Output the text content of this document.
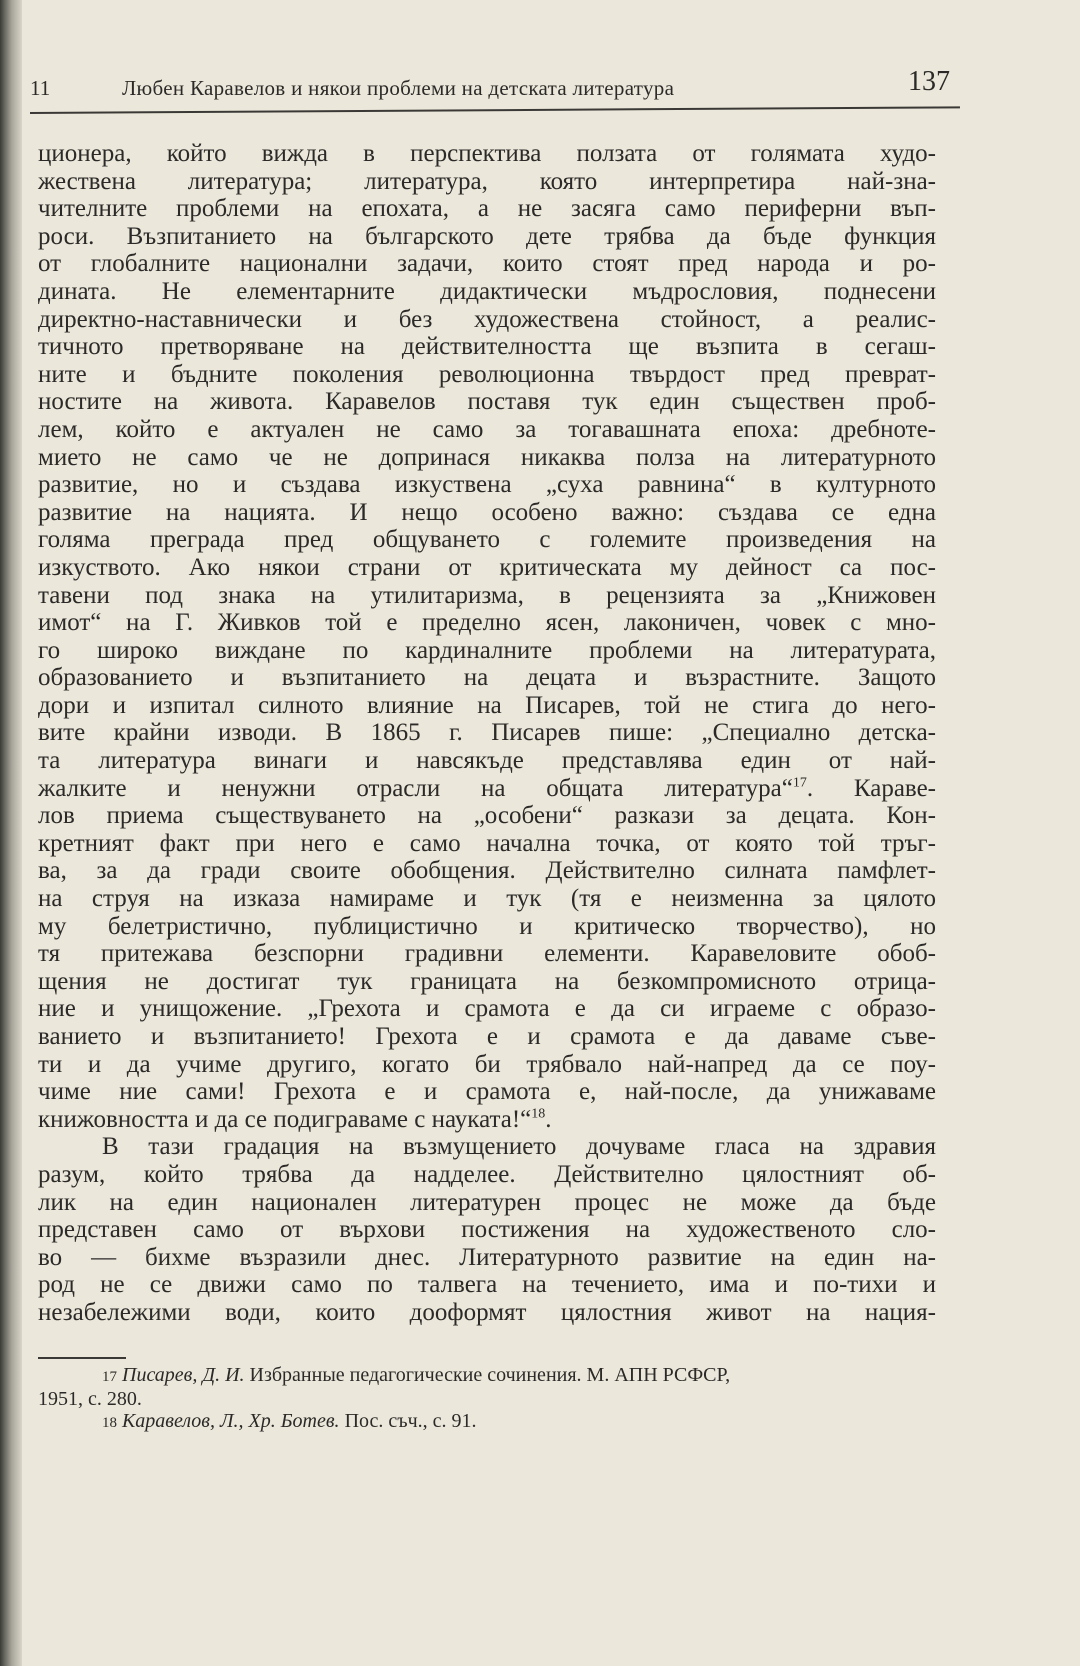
11	Любен Каравелов и някои проблеми на детската литература	137
ционера, който вижда в перспектива ползата от голямата худо-
жествена литература; литература, която интерпретира най-зна-
чителните проблеми на епохата, а не засяга само периферни въп-
роси. Възпитанието на българското дете трябва да бъде функция
от глобалните национални задачи, които стоят пред народа и ро-
дината. Не елементарните дидактически мъдрословия, поднесени
директно-наставнически и без художествена стойност, а реалис-
тичното претворяване на действителността ще възпита в сегаш-
ните и бъдните поколения революционна твърдост пред преврат-
ностите на живота. Каравелов поставя тук един съществен проб-
лем, който е актуален не само за тогавашната епоха: дребноте-
мието не само че не допринася никаква полза на литературното
развитие, но и създава изкуствена „суха равнина“ в културното
развитие на нацията. И нещо особено важно: създава се една
голяма преграда пред общуването с големите произведения на
изкуството. Ако някои страни от критическата му дейност са пос-
тавени под знака на утилитаризма, в рецензията за „Книжовен
имот“ на Г. Живков той е пределно ясен, лаконичен, човек с мно-
го широко виждане по кардиналните проблеми на литературата,
образованието и възпитанието на децата и възрастните. Защото
дори и изпитал силното влияние на Писарев, той не стига до него-
вите крайни изводи. В 1865 г. Писарев пише: „Специално детска-
та литература винаги и навсякъде представлява един от най-
жалките и ненужни отрасли на общата литература“$^{17}$. Караве-
лов приема съществуването на „особени“ разкази за децата. Кон-
кретният факт при него е само начална точка, от която той тръг-
ва, за да гради своите обобщения. Действително силната памфлет-
на струя на изказа намираме и тук (тя е неизменна за цялото
му белетристично, публицистично и критическо творчество), но
тя притежава безспорни градивни елементи. Каравеловите обоб-
щения не достигат тук границата на безкомпромисното отрица-
ние и унищожение. „Грехота и срамота е да си играеме с образо-
ванието и възпитанието! Грехота е и срамота е да даваме съве-
ти и да учиме другиго, когато би трябвало най-напред да се поу-
чиме ние сами! Грехота е и срамота е, най-после, да унижаваме
книжовността и да се подиграваме с науката!“$^{18}$.
В тази градация на възмущението дочуваме гласа на здравия
разум, който трябва да надделее. Действително цялостният об-
лик на един национален литературен процес не може да бъде
представен само от върхови постижения на художественото сло-
во — бихме възразили днес. Литературното развитие на един на-
род не се движи само по талвега на течението, има и по-тихи и
незабележими води, които дооформят цялостния живот на нация-
17 Писарев, Д. И. Избранные педагогические сочинения. М. АПН РСФСР,
1951, с. 280.
18 Каравелов, Л., Хр. Ботев. Пос. съч., с. 91.
